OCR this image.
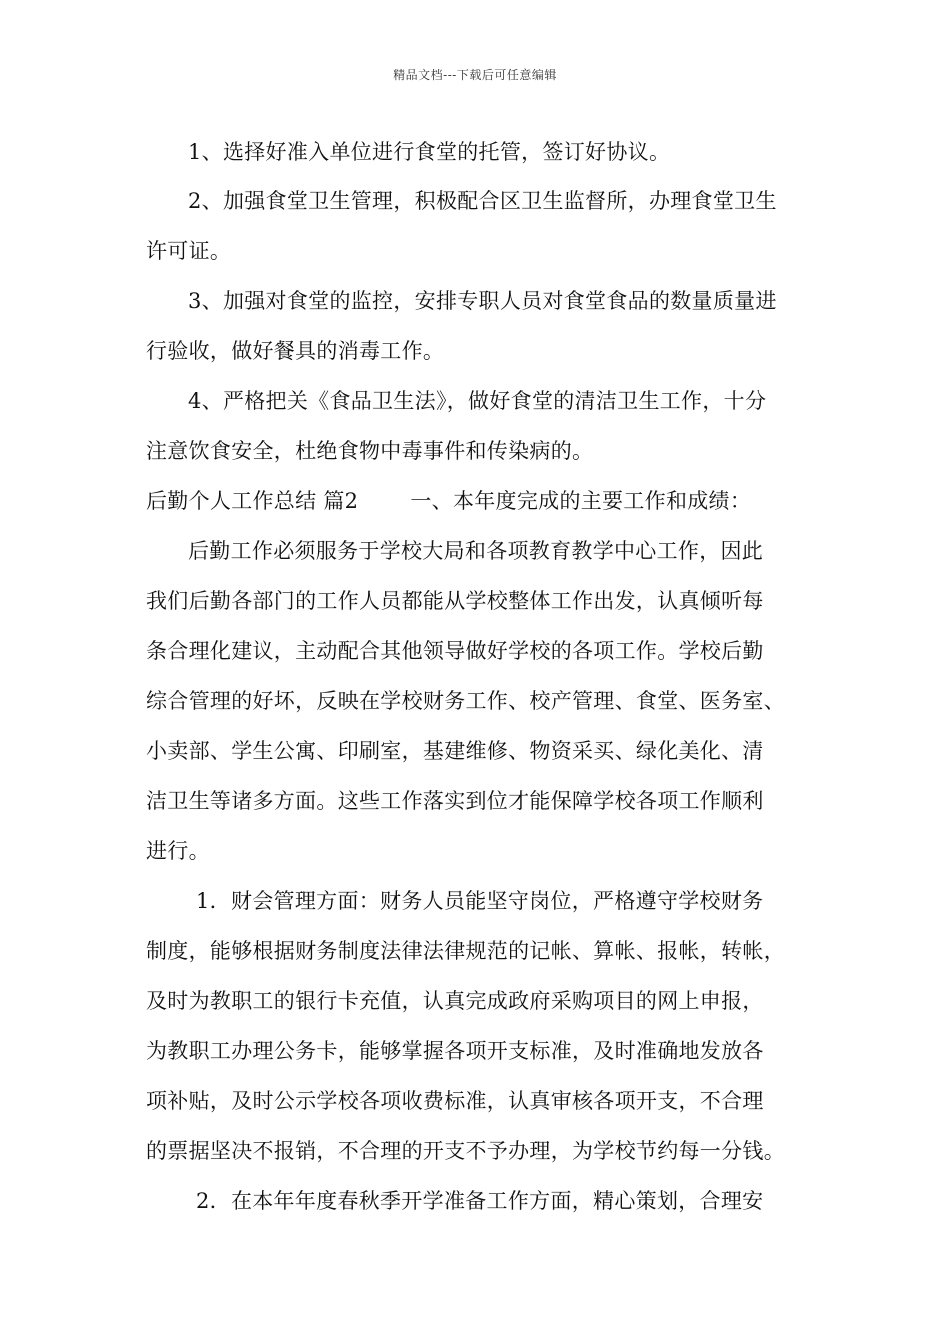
精品文档---下载后可任意编辑
1、选择好准入单位进行食堂的托管，签订好协议。
2、加强食堂卫生管理，积极配合区卫生监督所，办理食堂卫生
许可证。
3、加强对食堂的监控，安排专职人员对食堂食品的数量质量进
行验收，做好餐具的消毒工作。
4、严格把关《食品卫生法》，做好食堂的清洁卫生工作，十分
注意饮食安全，杜绝食物中毒事件和传染病的。
后勤个人工作总结 篇2 一、本年度完成的主要工作和成绩：
后勤工作必须服务于学校大局和各项教育教学中心工作，因此
我们后勤各部门的工作人员都能从学校整体工作出发，认真倾听每
条合理化建议，主动配合其他领导做好学校的各项工作。学校后勤
综合管理的好坏，反映在学校财务工作、校产管理、食堂、医务室、
小卖部、学生公寓、印刷室，基建维修、物资采买、绿化美化、清
洁卫生等诸多方面。这些工作落实到位才能保障学校各项工作顺利
进行。
1．财会管理方面：财务人员能坚守岗位，严格遵守学校财务
制度，能够根据财务制度法律法律规范的记帐、算帐、报帐，转帐，
及时为教职工的银行卡充值，认真完成政府采购项目的网上申报，
为教职工办理公务卡，能够掌握各项开支标准，及时准确地发放各
项补贴，及时公示学校各项收费标准，认真审核各项开支，不合理
的票据坚决不报销，不合理的开支不予办理，为学校节约每一分钱。
2．在本年年度春秋季开学准备工作方面，精心策划，合理安
